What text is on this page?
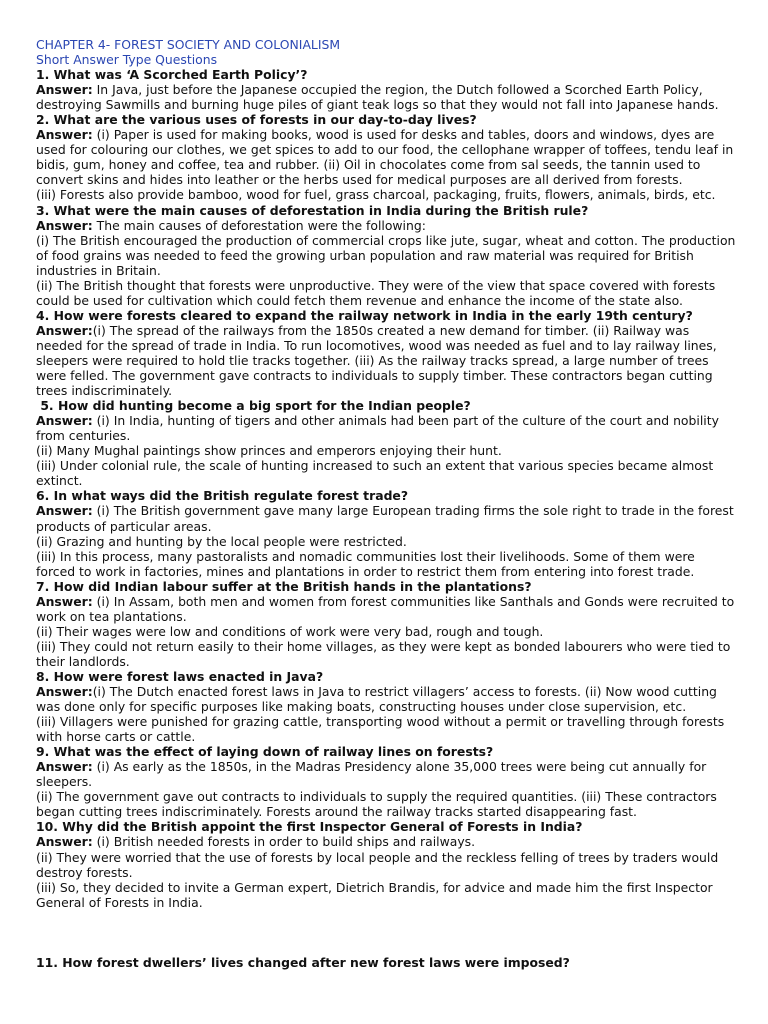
CHAPTER 4- FOREST SOCIETY AND COLONIALISM
Short Answer Type Questions
1. What was ‘A Scorched Earth Policy’?
Answer: In Java, just before the Japanese occupied the region, the Dutch followed a Scorched Earth Policy, destroying Sawmills and burning huge piles of giant teak logs so that they would not fall into Japanese hands.
2. What are the various uses of forests in our day-to-day lives?
Answer: (i) Paper is used for making books, wood is used for desks and tables, doors and windows, dyes are used for colouring our clothes, we get spices to add to our food, the cellophane wrapper of toffees, tendu leaf in bidis, gum, honey and coffee, tea and rubber. (ii) Oil in chocolates come from sal seeds, the tannin used to convert skins and hides into leather or the herbs used for medical purposes are all derived from forests.
(iii) Forests also provide bamboo, wood for fuel, grass charcoal, packaging, fruits, flowers, animals, birds, etc.
3. What were the main causes of deforestation in India during the British rule?
Answer: The main causes of deforestation were the following:
(i) The British encouraged the production of commercial crops like jute, sugar, wheat and cotton. The production of food grains was needed to feed the growing urban population and raw material was required for British industries in Britain.
(ii) The British thought that forests were unproductive. They were of the view that space covered with forests could be used for cultivation which could fetch them revenue and enhance the income of the state also.
4. How were forests cleared to expand the railway network in India in the early 19th century?
Answer:(i) The spread of the railways from the 1850s created a new demand for timber. (ii) Railway was needed for the spread of trade in India. To run locomotives, wood was needed as fuel and to lay railway lines, sleepers were required to hold tlie tracks together. (iii) As the railway tracks spread, a large number of trees were felled. The government gave contracts to individuals to supply timber. These contractors began cutting trees indiscriminately.
5. How did hunting become a big sport for the Indian people?
Answer: (i) In India, hunting of tigers and other animals had been part of the culture of the court and nobility from centuries.
(ii) Many Mughal paintings show princes and emperors enjoying their hunt.
(iii) Under colonial rule, the scale of hunting increased to such an extent that various species became almost extinct.
6. In what ways did the British regulate forest trade?
Answer: (i) The British government gave many large European trading firms the sole right to trade in the forest products of particular areas.
(ii) Grazing and hunting by the local people were restricted.
(iii) In this process, many pastoralists and nomadic communities lost their livelihoods. Some of them were forced to work in factories, mines and plantations in order to restrict them from entering into forest trade.
7. How did Indian labour suffer at the British hands in the plantations?
Answer: (i) In Assam, both men and women from forest communities like Santhals and Gonds were recruited to work on tea plantations.
(ii) Their wages were low and conditions of work were very bad, rough and tough.
(iii) They could not return easily to their home villages, as they were kept as bonded labourers who were tied to their landlords.
8. How were forest laws enacted in Java?
Answer:(i) The Dutch enacted forest laws in Java to restrict villagers’ access to forests. (ii) Now wood cutting was done only for specific purposes like making boats, constructing houses under close supervision, etc.
(iii) Villagers were punished for grazing cattle, transporting wood without a permit or travelling through forests with horse carts or cattle.
9. What was the effect of laying down of railway lines on forests?
Answer: (i) As early as the 1850s, in the Madras Presidency alone 35,000 trees were being cut annually for sleepers.
(ii) The government gave out contracts to individuals to supply the required quantities. (iii) These contractors began cutting trees indiscriminately. Forests around the railway tracks started disappearing fast.
10. Why did the British appoint the first Inspector General of Forests in India?
Answer: (i) British needed forests in order to build ships and railways.
(ii) They were worried that the use of forests by local people and the reckless felling of trees by traders would destroy forests.
(iii) So, they decided to invite a German expert, Dietrich Brandis, for advice and made him the first Inspector General of Forests in India.
11. How forest dwellers’ lives changed after new forest laws were imposed?
